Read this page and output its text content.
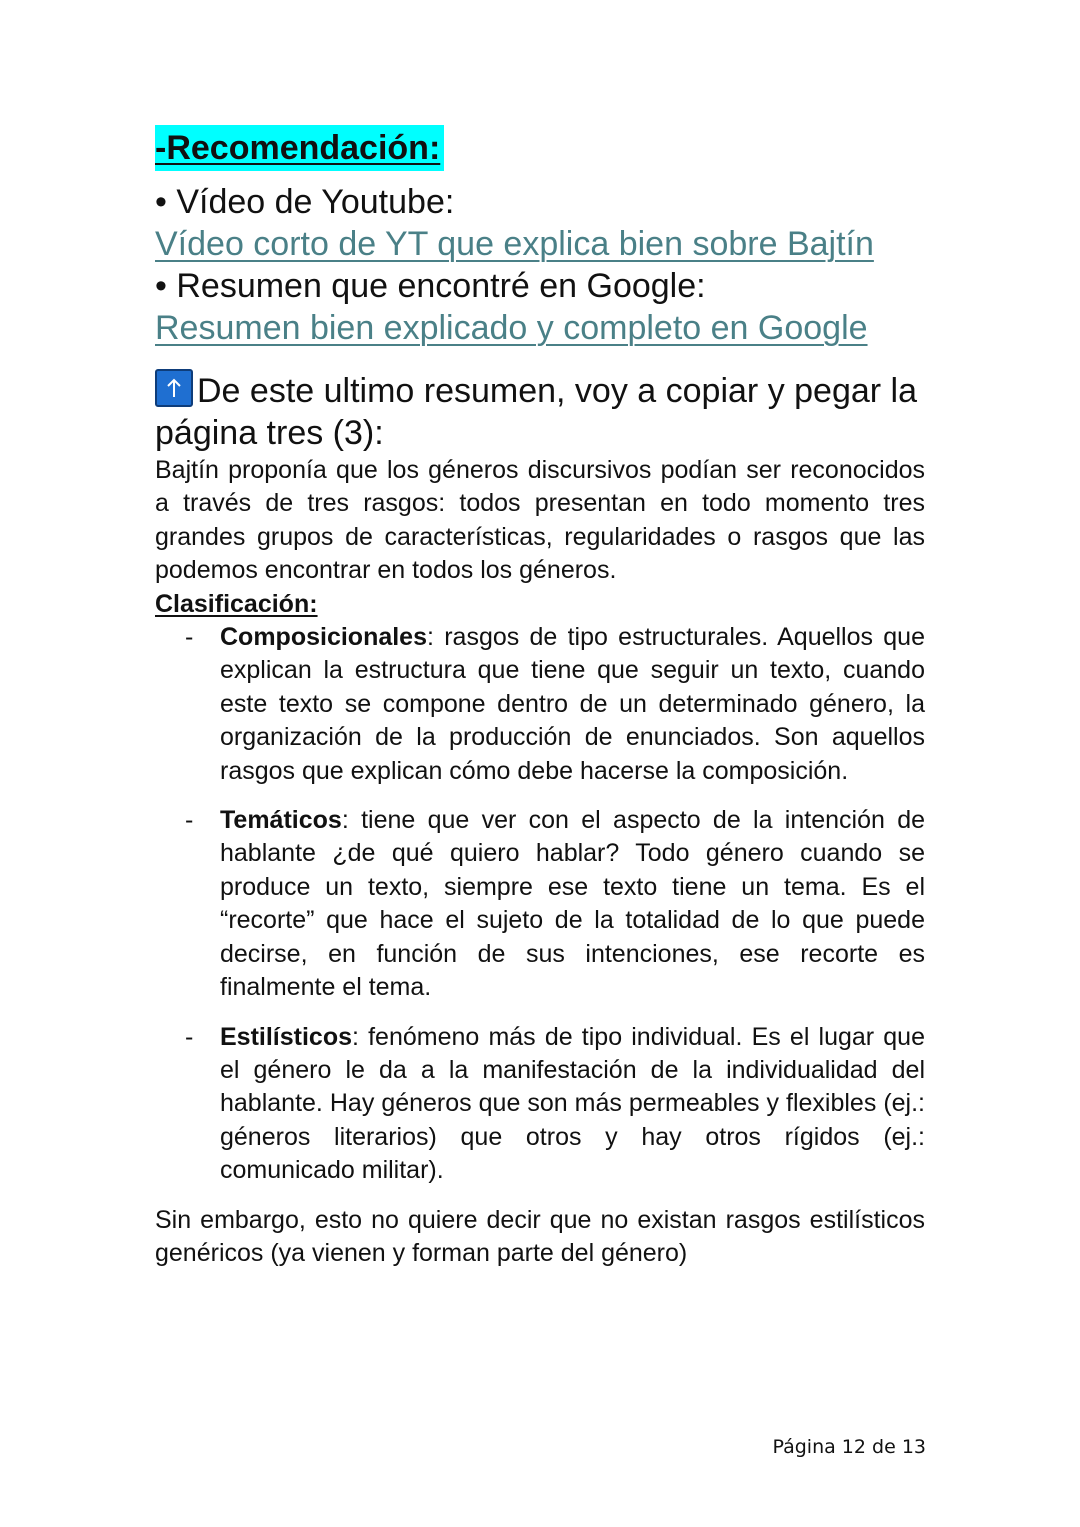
-Recomendación:

• Vídeo de Youtube:

Vídeo corto de YT que explica bien sobre Bajtín

• Resumen que encontré en Google:

Resumen bien explicado y completo en Google

De este ultimo resumen, voy a copiar y pegar la página tres (3):

Bajtín proponía que los géneros discursivos podían ser reconocidos a través de tres rasgos: todos presentan en todo momento tres grandes grupos de características, regularidades o rasgos que las podemos encontrar en todos los géneros.

Clasificación:

- Composicionales: rasgos de tipo estructurales. Aquellos que explican la estructura que tiene que seguir un texto, cuando este texto se compone dentro de un determinado género, la organización de la producción de enunciados. Son aquellos rasgos que explican cómo debe hacerse la composición.

- Temáticos: tiene que ver con el aspecto de la intención de hablante ¿de qué quiero hablar? Todo género cuando se produce un texto, siempre ese texto tiene un tema. Es el “recorte” que hace el sujeto de la totalidad de lo que puede decirse, en función de sus intenciones, ese recorte es finalmente el tema.

- Estilísticos: fenómeno más de tipo individual. Es el lugar que el género le da a la manifestación de la individualidad del hablante. Hay géneros que son más permeables y flexibles (ej.: géneros literarios) que otros y hay otros rígidos (ej.: comunicado militar).

Sin embargo, esto no quiere decir que no existan rasgos estilísticos genéricos (ya vienen y forman parte del género)

Página 12 de 13
